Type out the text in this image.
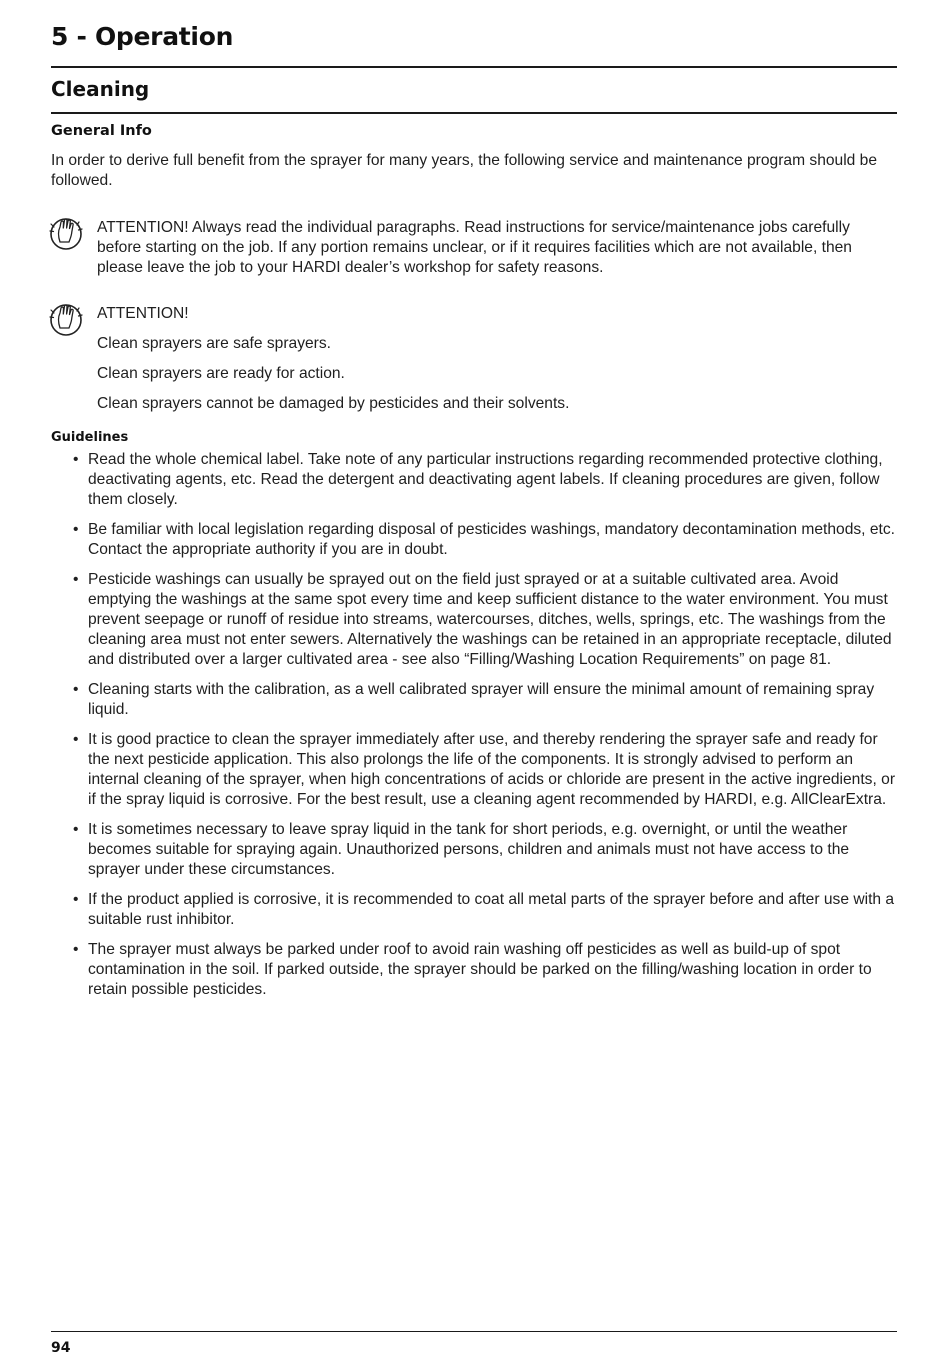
5 - Operation
Cleaning
General Info

In order to derive full benefit from the sprayer for many years, the following service and maintenance program should be followed.

ATTENTION! Always read the individual paragraphs. Read instructions for service/maintenance jobs carefully before starting on the job. If any portion remains unclear, or if it requires facilities which are not available, then please leave the job to your HARDI dealer’s workshop for safety reasons.

ATTENTION!

Clean sprayers are safe sprayers.

Clean sprayers are ready for action.

Clean sprayers cannot be damaged by pesticides and their solvents.

Guidelines
• Read the whole chemical label. Take note of any particular instructions regarding recommended protective clothing, deactivating agents, etc. Read the detergent and deactivating agent labels. If cleaning procedures are given, follow them closely.
• Be familiar with local legislation regarding disposal of pesticides washings, mandatory decontamination methods, etc. Contact the appropriate authority if you are in doubt.
• Pesticide washings can usually be sprayed out on the field just sprayed or at a suitable cultivated area. Avoid emptying the washings at the same spot every time and keep sufficient distance to the water environment. You must prevent seepage or runoff of residue into streams, watercourses, ditches, wells, springs, etc. The washings from the cleaning area must not enter sewers. Alternatively the washings can be retained in an appropriate receptacle, diluted and distributed over a larger cultivated area - see also “Filling/Washing Location Requirements” on page 81.
• Cleaning starts with the calibration, as a well calibrated sprayer will ensure the minimal amount of remaining spray liquid.
• It is good practice to clean the sprayer immediately after use, and thereby rendering the sprayer safe and ready for the next pesticide application. This also prolongs the life of the components. It is strongly advised to perform an internal cleaning of the sprayer, when high concentrations of acids or chloride are present in the active ingredients, or if the spray liquid is corrosive. For the best result, use a cleaning agent recommended by HARDI, e.g. AllClearExtra.
• It is sometimes necessary to leave spray liquid in the tank for short periods, e.g. overnight, or until the weather becomes suitable for spraying again. Unauthorized persons, children and animals must not have access to the sprayer under these circumstances.
• If the product applied is corrosive, it is recommended to coat all metal parts of the sprayer before and after use with a suitable rust inhibitor.
• The sprayer must always be parked under roof to avoid rain washing off pesticides as well as build-up of spot contamination in the soil. If parked outside, the sprayer should be parked on the filling/washing location in order to retain possible pesticides.

94
